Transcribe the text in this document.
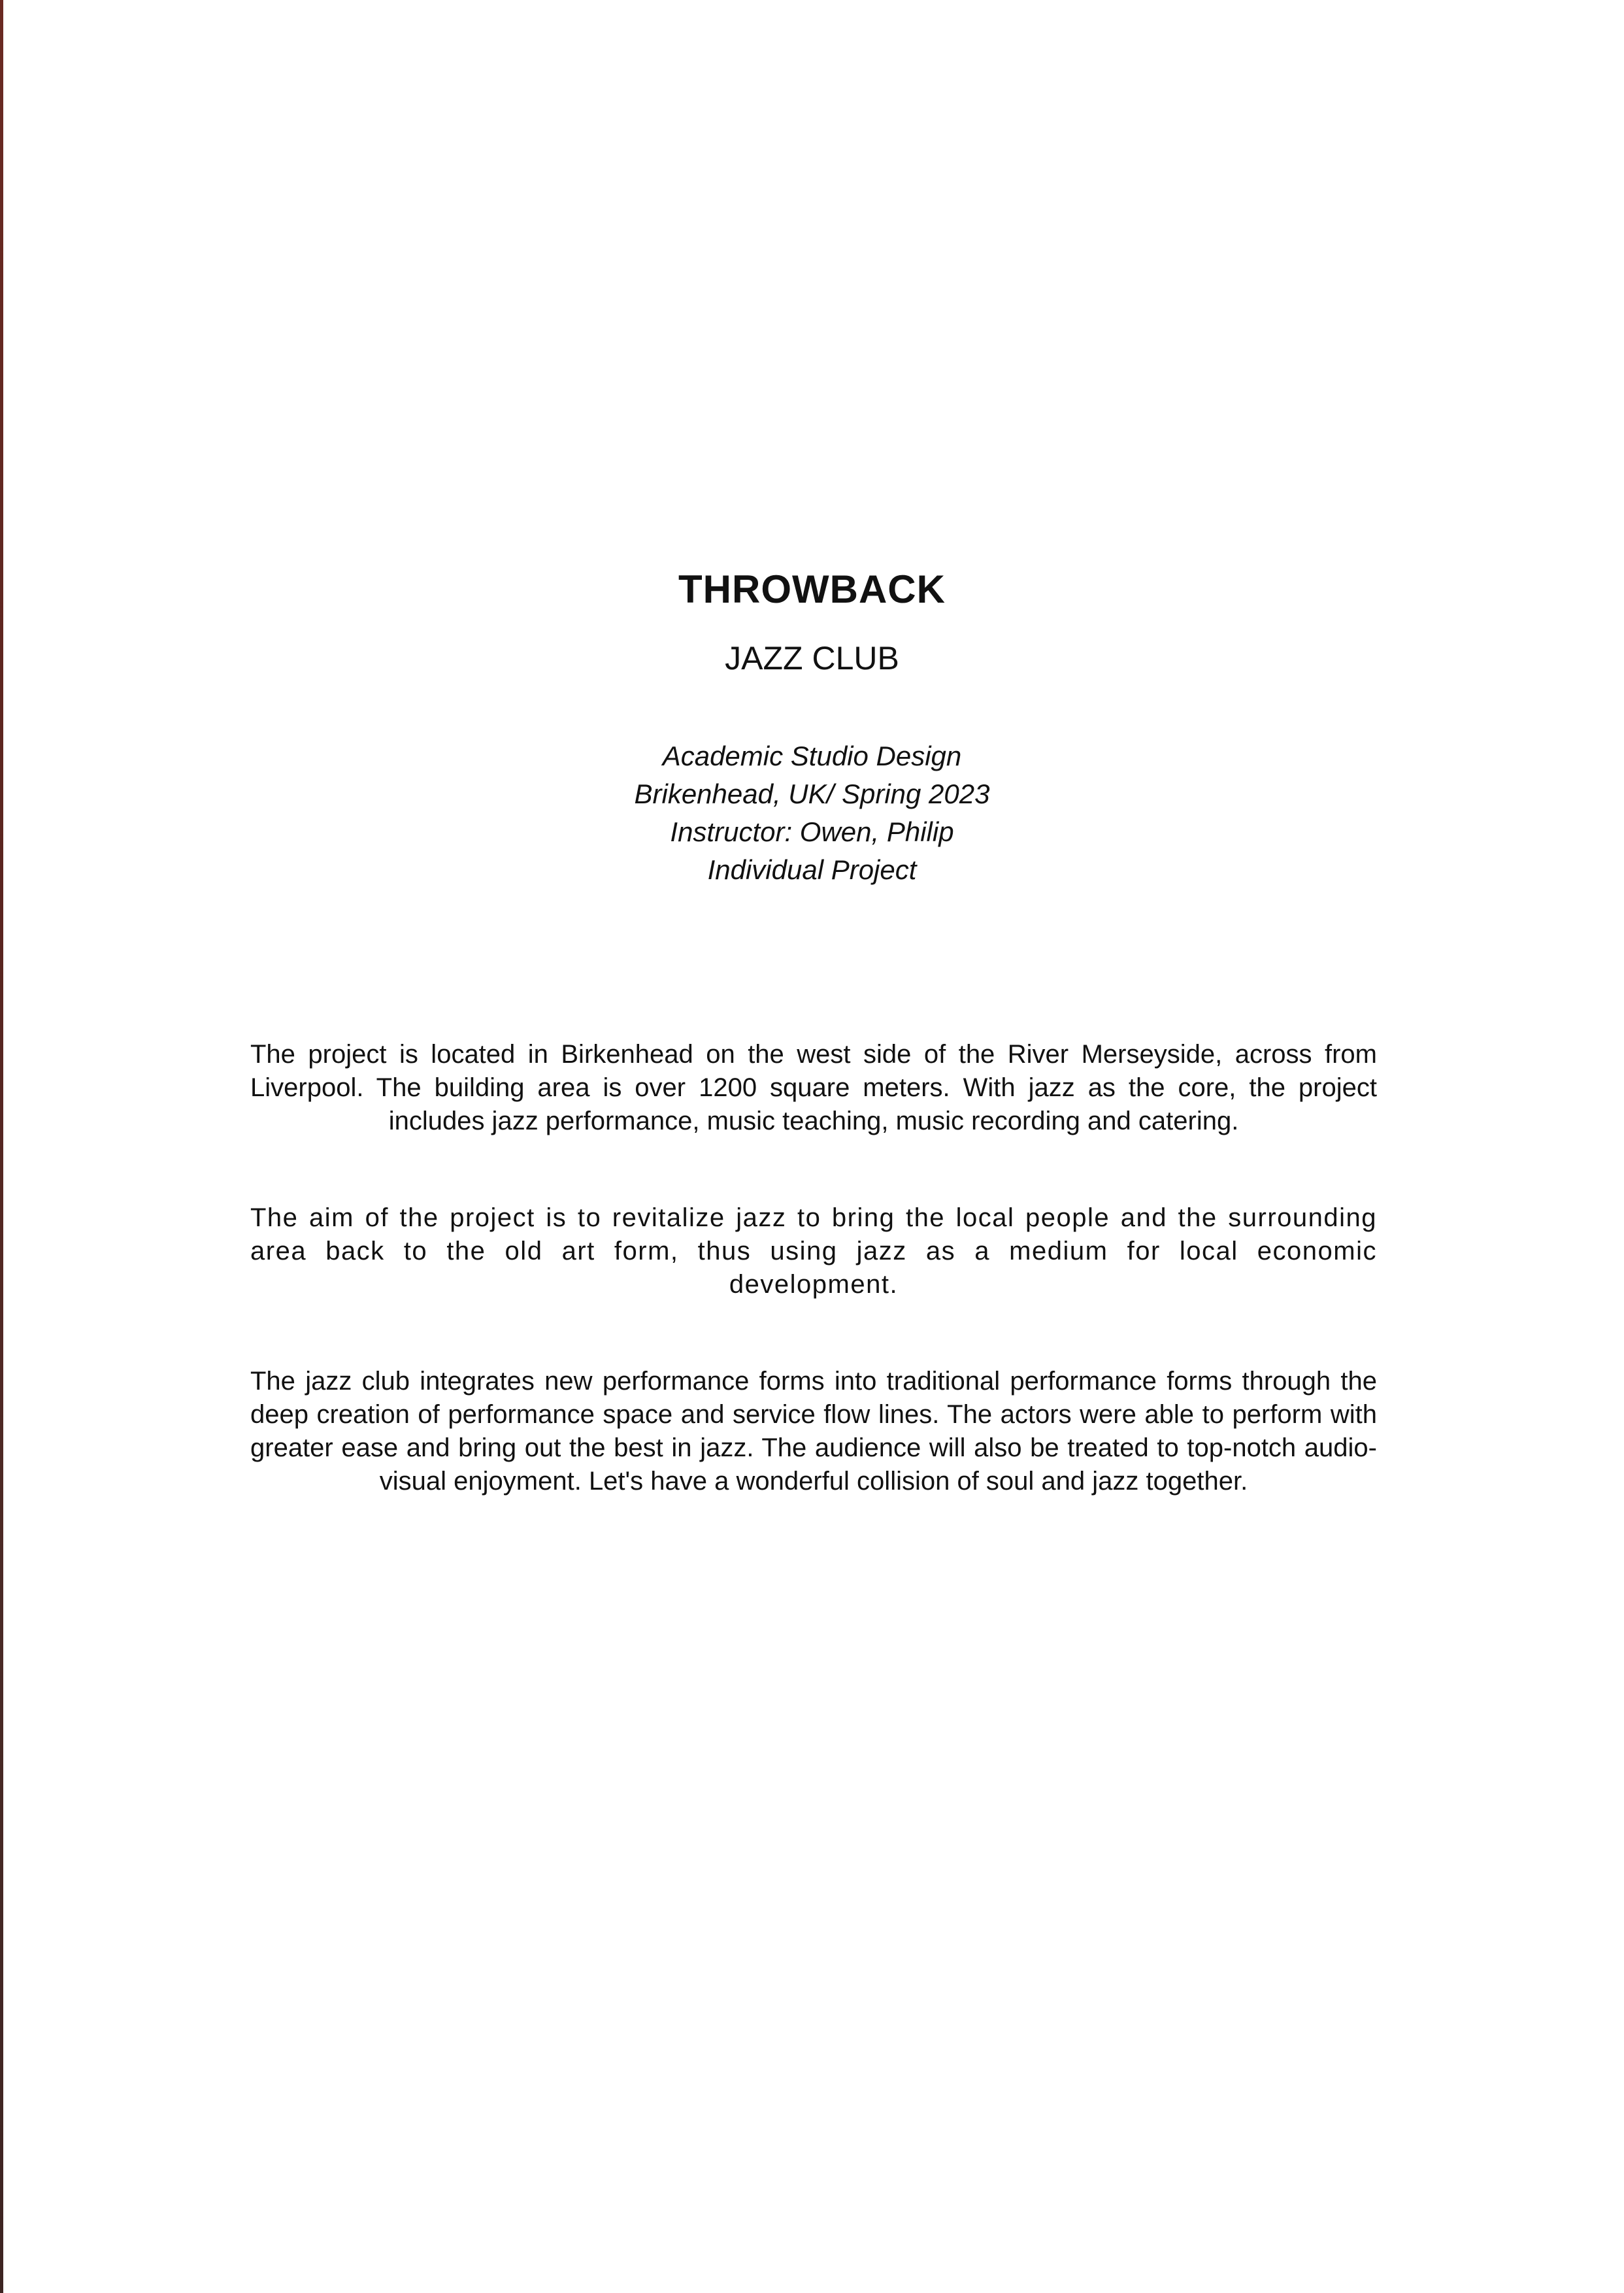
THROWBACK
JAZZ CLUB
Academic Studio Design
Brikenhead, UK/ Spring 2023
Instructor: Owen, Philip
Individual Project
The project is located in Birkenhead on the west side of the River Merseyside, across from Liverpool. The building area is over 1200 square meters. With jazz as the core, the project includes jazz performance, music teaching, music recording and catering.
The aim of the project is to revitalize jazz to bring the local people and the surrounding area back to the old art form, thus using jazz as a medium for local economic development.
The jazz club integrates new performance forms into traditional performance forms through the deep creation of performance space and service flow lines. The actors were able to perform with greater ease and bring out the best in jazz. The audience will also be treated to top-notch audio-visual enjoyment. Let's have a wonderful collision of soul and jazz together.
